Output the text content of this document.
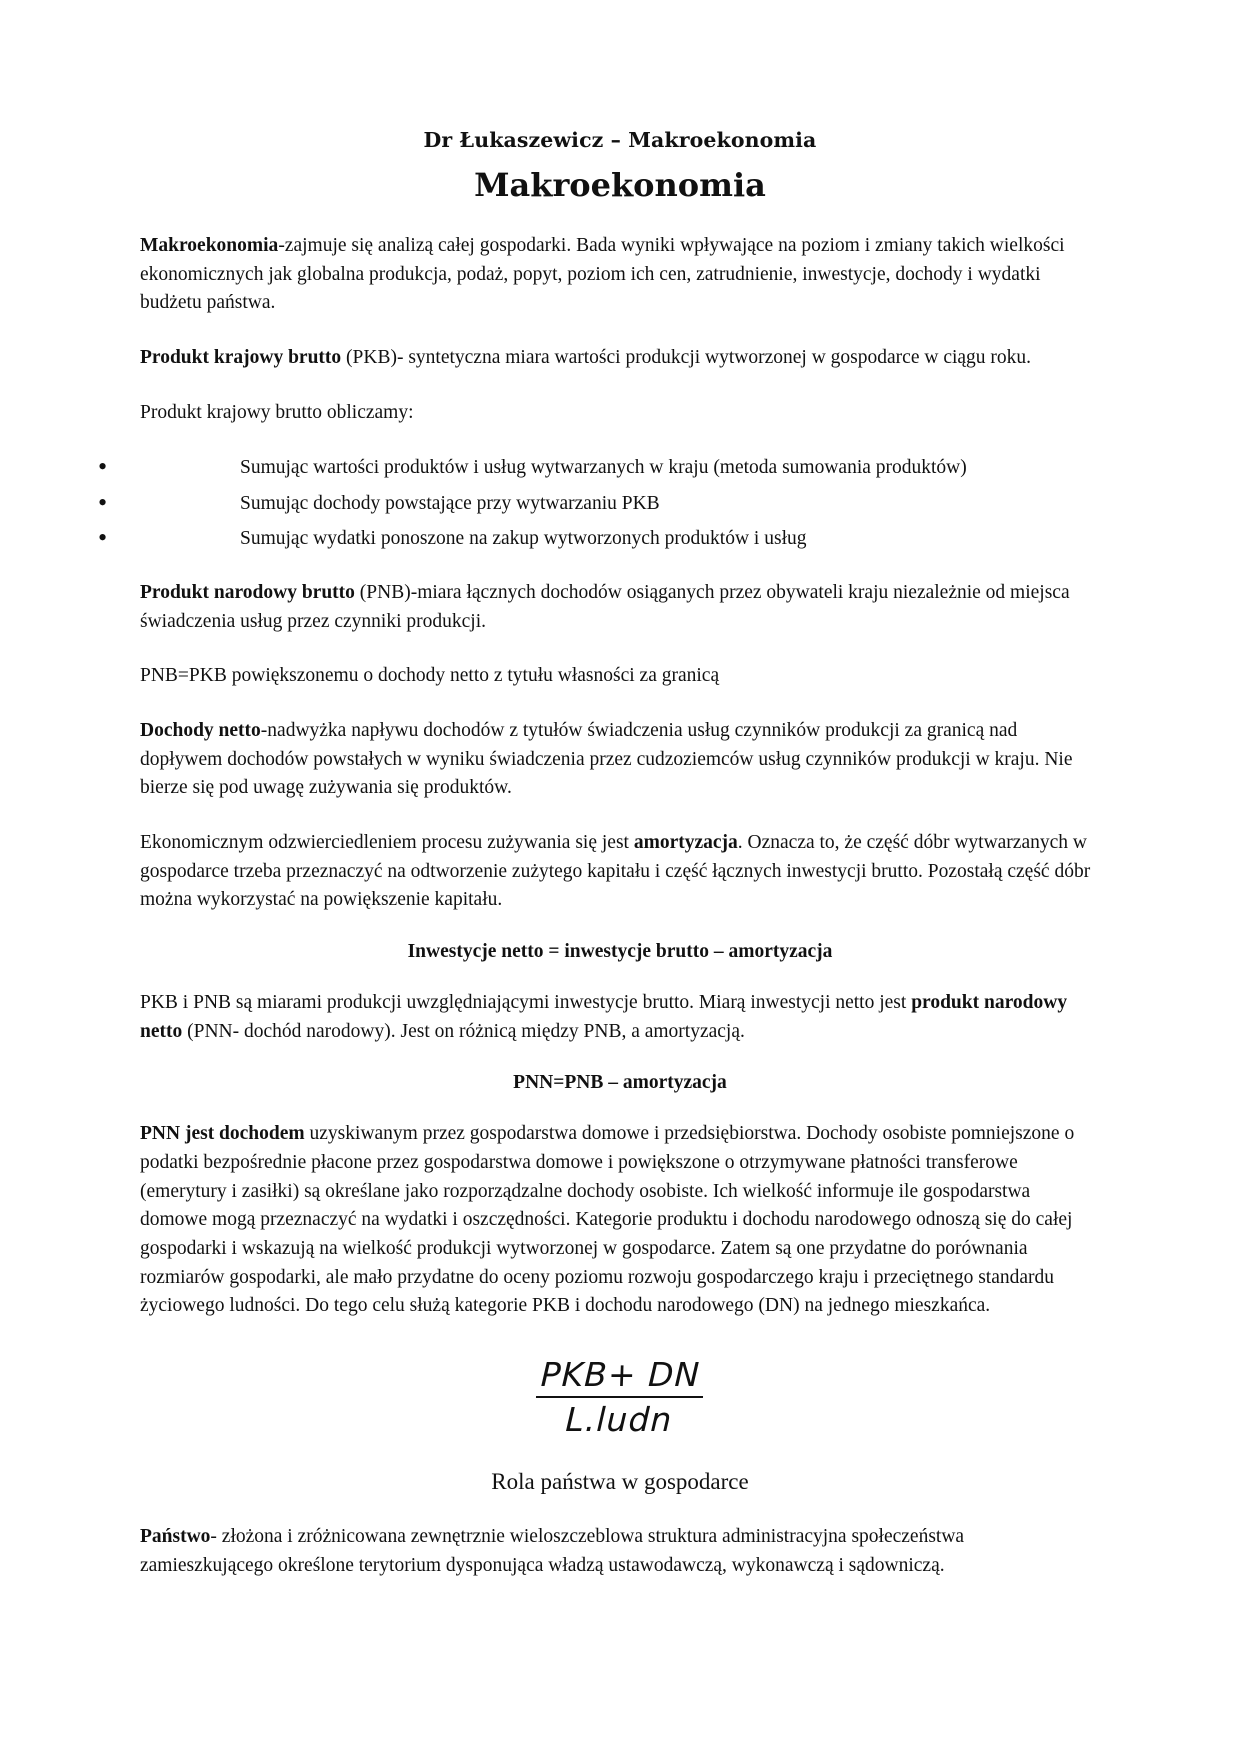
Dr Łukaszewicz – Makroekonomia
Makroekonomia

Makroekonomia-zajmuje się analizą całej gospodarki. Bada wyniki wpływające na poziom i zmiany takich wielkości ekonomicznych jak globalna produkcja, podaż, popyt, poziom ich cen, zatrudnienie, inwestycje, dochody i wydatki budżetu państwa.

Produkt krajowy brutto (PKB)- syntetyczna miara wartości produkcji wytworzonej w gospodarce w ciągu roku.

Produkt krajowy brutto obliczamy:

• Sumując wartości produktów i usług wytwarzanych w kraju (metoda sumowania produktów)
• Sumując dochody powstające przy wytwarzaniu PKB
• Sumując wydatki ponoszone na zakup wytworzonych produktów i usług

Produkt narodowy brutto (PNB)-miara łącznych dochodów osiąganych przez obywateli kraju niezależnie od miejsca świadczenia usług przez czynniki produkcji.

PNB=PKB powiększonemu o dochody netto z tytułu własności za granicą

Dochody netto-nadwyżka napływu dochodów z tytułów świadczenia usług czynników produkcji za granicą nad dopływem dochodów powstałych w wyniku świadczenia przez cudzoziemców usług czynników produkcji w kraju. Nie bierze się pod uwagę zużywania się produktów.

Ekonomicznym odzwierciedleniem procesu zużywania się jest amortyzacja. Oznacza to, że część dóbr wytwarzanych w gospodarce trzeba przeznaczyć na odtworzenie zużytego kapitału i część łącznych inwestycji brutto. Pozostałą część dóbr można wykorzystać na powiększenie kapitału.

Inwestycje netto = inwestycje brutto – amortyzacja

PKB i PNB są miarami produkcji uwzględniającymi inwestycje brutto. Miarą inwestycji netto jest produkt narodowy netto (PNN- dochód narodowy). Jest on różnicą między PNB, a amortyzacją.

PNN=PNB – amortyzacja

PNN jest dochodem uzyskiwanym przez gospodarstwa domowe i przedsiębiorstwa. Dochody osobiste pomniejszone o podatki bezpośrednie płacone przez gospodarstwa domowe i powiększone o otrzymywane płatności transferowe (emerytury i zasiłki) są określane jako rozporządzalne dochody osobiste. Ich wielkość informuje ile gospodarstwa domowe mogą przeznaczyć na wydatki i oszczędności. Kategorie produktu i dochodu narodowego odnoszą się do całej gospodarki i wskazują na wielkość produkcji wytworzonej w gospodarce. Zatem są one przydatne do porównania rozmiarów gospodarki, ale mało przydatne do oceny poziomu rozwoju gospodarczego kraju i przeciętnego standardu życiowego ludności. Do tego celu służą kategorie PKB i dochodu narodowego (DN) na jednego mieszkańca.

$\frac{\text{PKB+ DN}}{\text{L.ludn}}$
Rola państwa w gospodarce

Państwo- złożona i zróżnicowana zewnętrznie wieloszczeblowa struktura administracyjna społeczeństwa zamieszkującego określone terytorium dysponująca władzą ustawodawczą, wykonawczą i sądowniczą.
